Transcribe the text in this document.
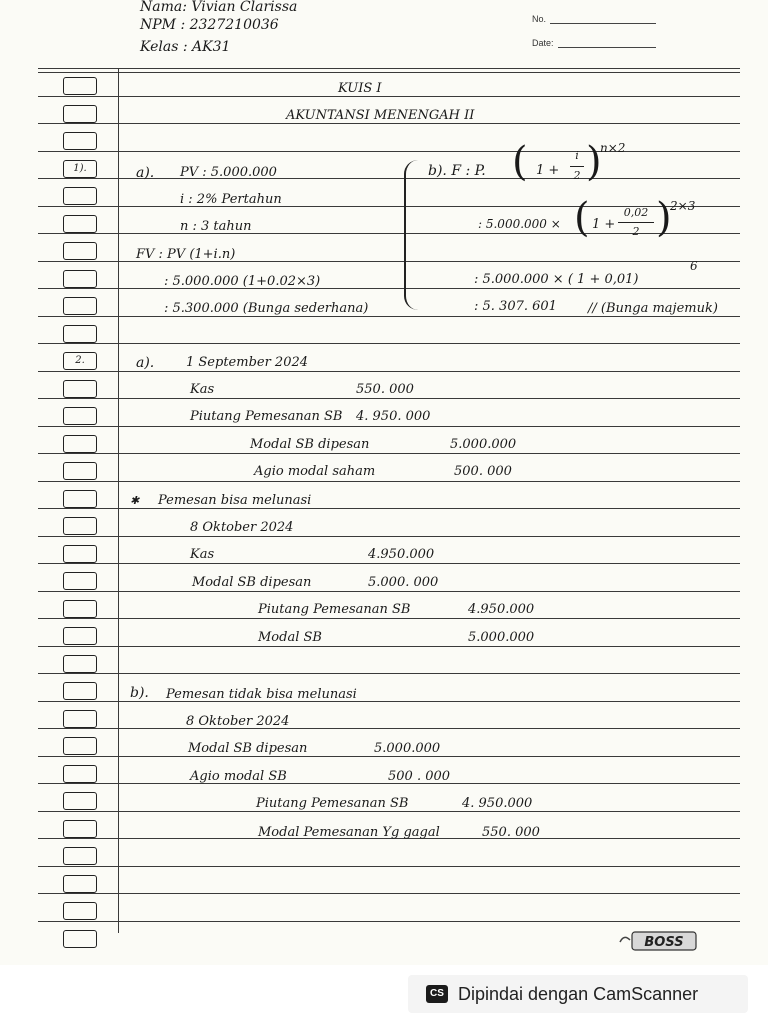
Nama: Vivian Clarissa
NPM : 2327210036
Kelas : AK31
No.
Date:
1).
2.
KUIS I
AKUNTANSI MENENGAH II
a). PV : 5.000.000
i : 2% Pertahun
n : 3 tahun
FV : PV (1+i.n)
: 5.000.000 (1+0.02×3)
: 5.300.000 (Bunga sederhana)
b). F : P. ( 1 +
i
2 )
n×2
: 5.000.000 × ( 1 +
0,02
2 )
2×3
: 5.000.000 × ( 1 + 0,01)
6
: 5. 307. 601 // (Bunga majemuk)
a). 1 September 2024
Kas	550. 000
Piutang Pemesanan SB 4. 950. 000
Modal SB dipesan	5.000.000
Agio modal saham	500. 000
✱ Pemesan bisa melunasi
8 Oktober 2024
Kas	4.950.000
Modal SB dipesan	5.000. 000
Piutang Pemesanan SB	4.950.000
Modal SB	5.000.000
b). Pemesan tidak bisa melunasi
8 Oktober 2024
Modal SB dipesan	5.000.000
Agio modal SB	500 . 000
Piutang Pemesanan SB	4. 950.000
Modal Pemesanan Yg gagal	550. 000
BOSS
CS Dipindai dengan CamScanner
